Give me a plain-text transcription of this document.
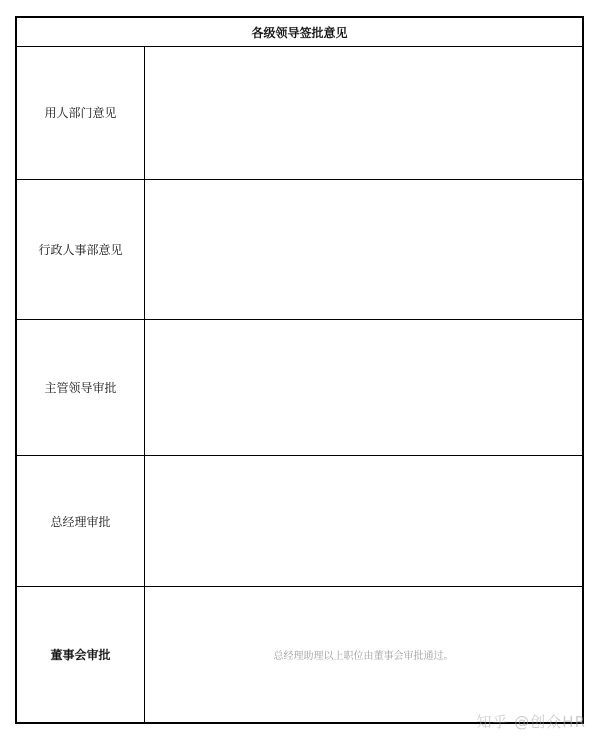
各级领导签批意见
用人部门意见
行政人事部意见
主管领导审批
总经理审批
董事会审批	总经理助理以上职位由董事会审批通过。
知乎 @创众HR
